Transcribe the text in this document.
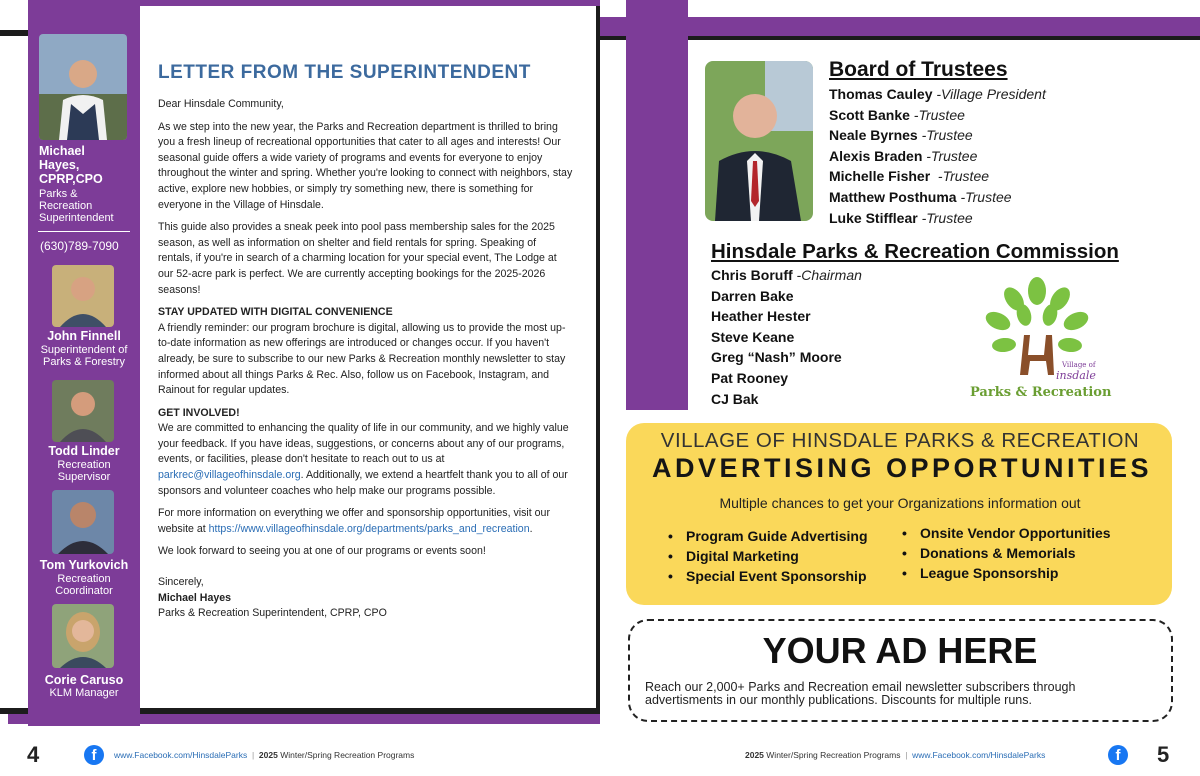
Michael
Hayes,
CPRP,CPO
Parks &
Recreation
Superintendent
(630)789-7090
John Finnell
Superintendent of
Parks & Forestry
Todd Linder
Recreation
Supervisor
Tom Yurkovich
Recreation
Coordinator
Corie Caruso
KLM Manager
LETTER FROM THE SUPERINTENDENT

Dear Hinsdale Community,

As we step into the new year, the Parks and Recreation department is thrilled to bring you a fresh lineup of recreational opportunities that cater to all ages and interests! Our seasonal guide offers a wide variety of programs and events for everyone to enjoy throughout the winter and spring. Whether you're looking to connect with neighbors, stay active, explore new hobbies, or simply try something new, there is something for everyone in the Village of Hinsdale.

This guide also provides a sneak peek into pool pass membership sales for the 2025 season, as well as information on shelter and field rentals for spring. Speaking of rentals, if you're in search of a charming location for your special event, The Lodge at our 52-acre park is perfect. We are currently accepting bookings for the 2025-2026 seasons!

STAY UPDATED WITH DIGITAL CONVENIENCE

A friendly reminder: our program brochure is digital, allowing us to provide the most up-to-date information as new offerings are introduced or changes occur. If you haven't already, be sure to subscribe to our new Parks & Recreation monthly newsletter to stay informed about all things Parks & Rec. Also, follow us on Facebook, Instagram, and Rainout for regular updates.

GET INVOLVED!

We are committed to enhancing the quality of life in our community, and we highly value your feedback. If you have ideas, suggestions, or concerns about any of our programs, events, or facilities, please don't hesitate to reach out to us at parkrec@villageofhinsdale.org. Additionally, we extend a heartfelt thank you to all of our sponsors and volunteer coaches who help make our programs possible.

For more information on everything we offer and sponsorship opportunities, visit our website at https://www.villageofhinsdale.org/departments/parks_and_recreation.

We look forward to seeing you at one of our programs or events soon!

Sincerely,
Michael Hayes
Parks & Recreation Superintendent, CPRP, CPO
Board of Trustees
Thomas Cauley -Village President
Scott Banke -Trustee
Neale Byrnes -Trustee
Alexis Braden -Trustee
Michelle Fisher  -Trustee
Matthew Posthuma -Trustee
Luke Stifflear -Trustee
Hinsdale Parks & Recreation Commission
Chris Boruff -Chairman
Darren Bake
Heather Hester
Steve Keane
Greg “Nash” Moore
Pat Rooney
CJ Bak
Village of
insdale
Parks & Recreation
VILLAGE OF HINSDALE PARKS & RECREATION
ADVERTISING OPPORTUNITIES
Multiple chances to get your Organizations information out
• Program Guide Advertising
• Digital Marketing
• Special Event Sponsorship
• Onsite Vendor Opportunities
• Donations & Memorials
• League Sponsorship
YOUR AD HERE
Reach our 2,000+ Parks and Recreation email newsletter subscribers through advertisments in our monthly publications. Discounts for multiple runs.
4	f	www.Facebook.com/HinsdaleParks  |  2025 Winter/Spring Recreation Programs	2025 Winter/Spring Recreation Programs  |  www.Facebook.com/HinsdaleParks	f	5
